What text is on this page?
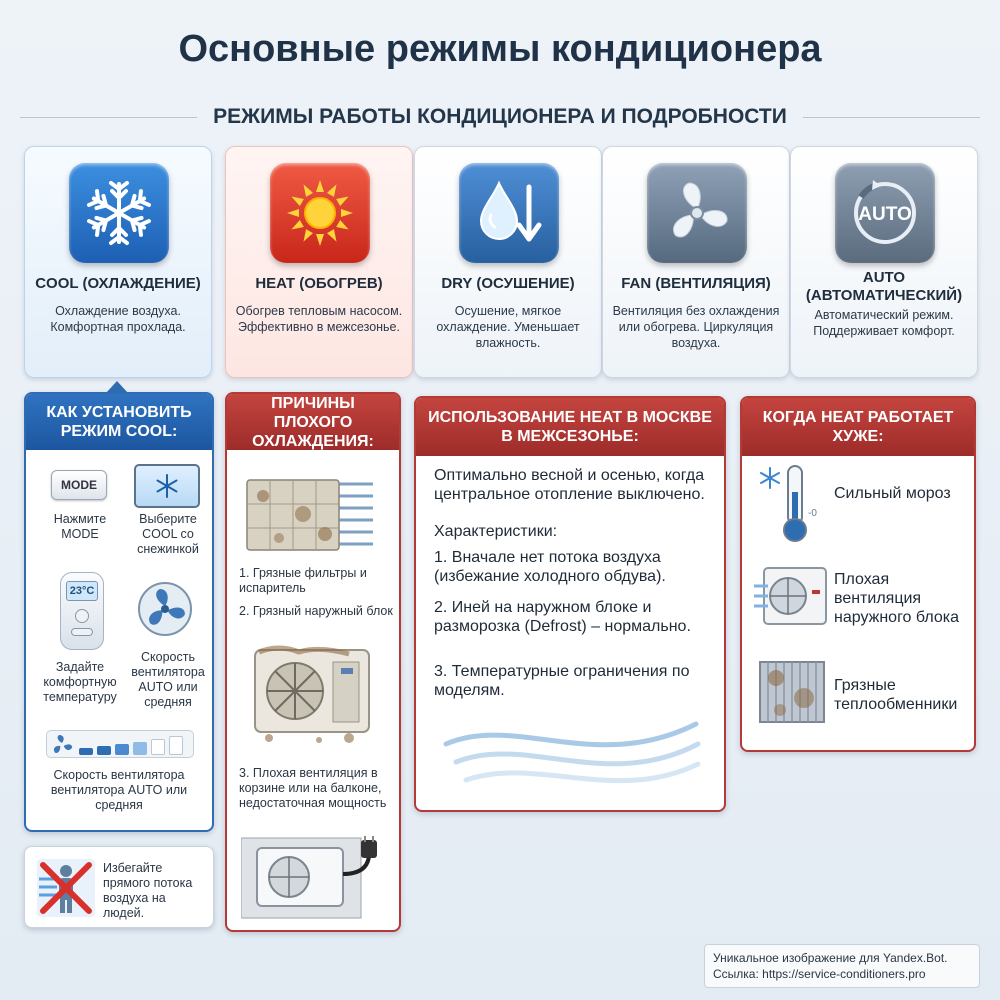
Основные режимы кондиционера
РЕЖИМЫ РАБОТЫ КОНДИЦИОНЕРА И ПОДРОБНОСТИ
COOL (ОХЛАЖДЕНИЕ)
Охлаждение воздуха. Комфортная прохлада.
HEAT (ОБОГРЕВ)
Обогрев тепловым насосом. Эффективно в межсезонье.
DRY (ОСУШЕНИЕ)
Осушение, мягкое охлаждение. Уменьшает влажность.
FAN (ВЕНТИЛЯЦИЯ)
Вентиляция без охлаждения или обогрева. Циркуляция воздуха.
AUTO
AUTO (АВТОМАТИЧЕСКИЙ)
Автоматический режим. Поддерживает комфорт.
КАК УСТАНОВИТЬ РЕЖИМ COOL:
MODE
Нажмите MODE
Выберите COOL со снежинкой
23°C
Задайте комфортную температуру
Скорость вентилятора AUTO или средняя
Скорость вентилятора вентилятора AUTO или средняя
Избегайте прямого потока воздуха на людей.
ПРИЧИНЫ ПЛОХОГО ОХЛАЖДЕНИЯ:
1. Грязные фильтры и испаритель
2. Грязный наружный блок
3. Плохая вентиляция в корзине или на балконе, недостаточная мощность
ИСПОЛЬЗОВАНИЕ HEAT В МОСКВЕ В МЕЖСЕЗОНЬЕ:
Оптимально весной и осенью, когда центральное отопление выключено.
Характеристики:
1. Вначале нет потока воздуха (избежание холодного обдува).
2. Иней на наружном блоке и разморозка (Defrost) – нормально.
3. Температурные ограничения по моделям.
КОГДА HEAT РАБОТАЕТ ХУЖЕ:
-0
Сильный мороз
Плохая вентиляция наружного блока
Грязные теплообменники
Уникальное изображение для Yandex.Bot.
Ссылка: https://service-conditioners.pro
